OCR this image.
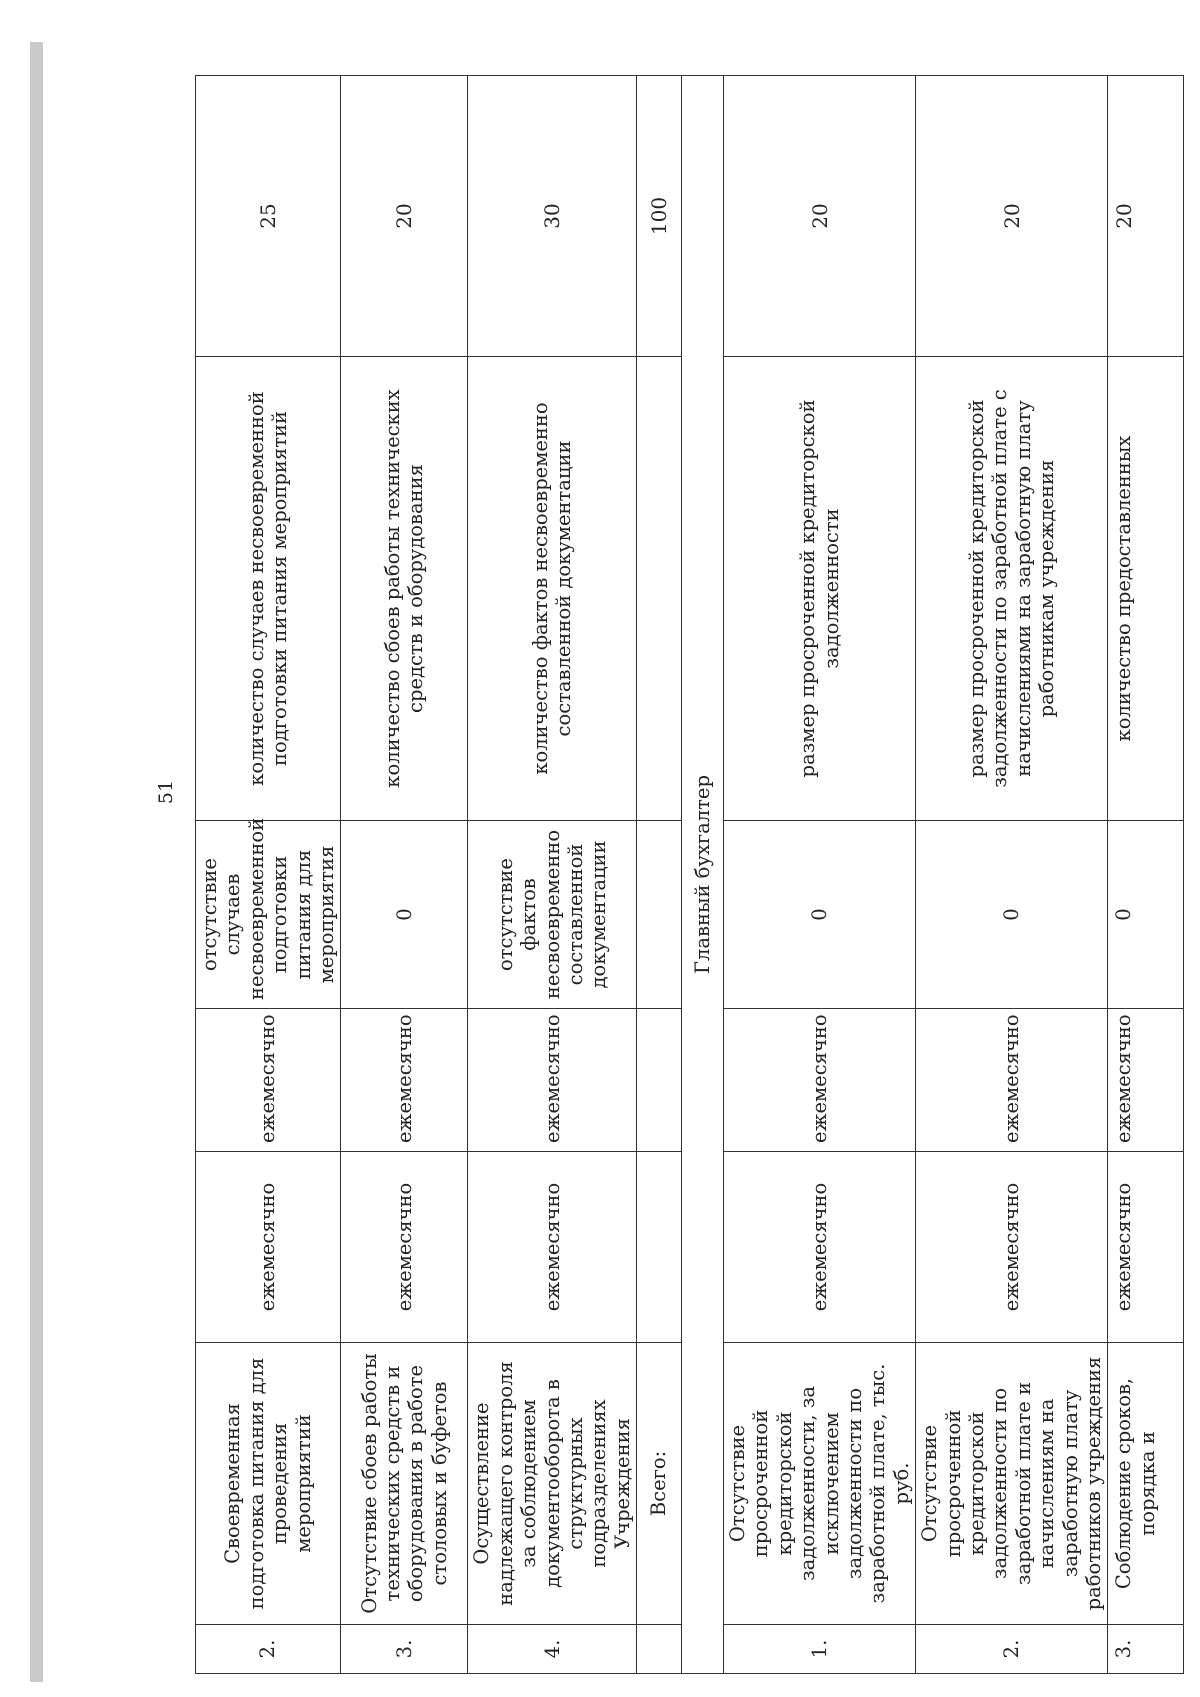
51
2.	Своевременная подготовка питания для проведения мероприятий	ежемесячно	ежемесячно	отсутствие случаев несвоевременной подготовки питания для мероприятия	количество случаев несвоевременной подготовки питания мероприятий	25
3.	Отсутствие сбоев работы технических средств и оборудования в работе столовых и буфетов	ежемесячно	ежемесячно	0	количество сбоев работы технических средств и оборудования	20
4.	Осуществление надлежащего контроля за соблюдением документооборота в структурных подразделениях Учреждения	ежемесячно	ежемесячно	отсутствие фактов несвоевременно составленной документации	количество фактов несвоевременно составленной документации	30
	Всего:					100
Главный бухгалтер						
1.	Отсутствие просроченной кредиторской задолженности, за исключением задолженности по заработной плате, тыс. руб.	ежемесячно	ежемесячно	0	размер просроченной кредиторской задолженности	20
2.	Отсутствие просроченной кредиторской задолженности по заработной плате и начислениям на заработную плату работников учреждения	ежемесячно	ежемесячно	0	размер просроченной кредиторской задолженности по заработной плате с начислениями на заработную плату работникам учреждения	20
3.	Соблюдение сроков, порядка и	ежемесячно	ежемесячно	0	количество предоставленных	20
